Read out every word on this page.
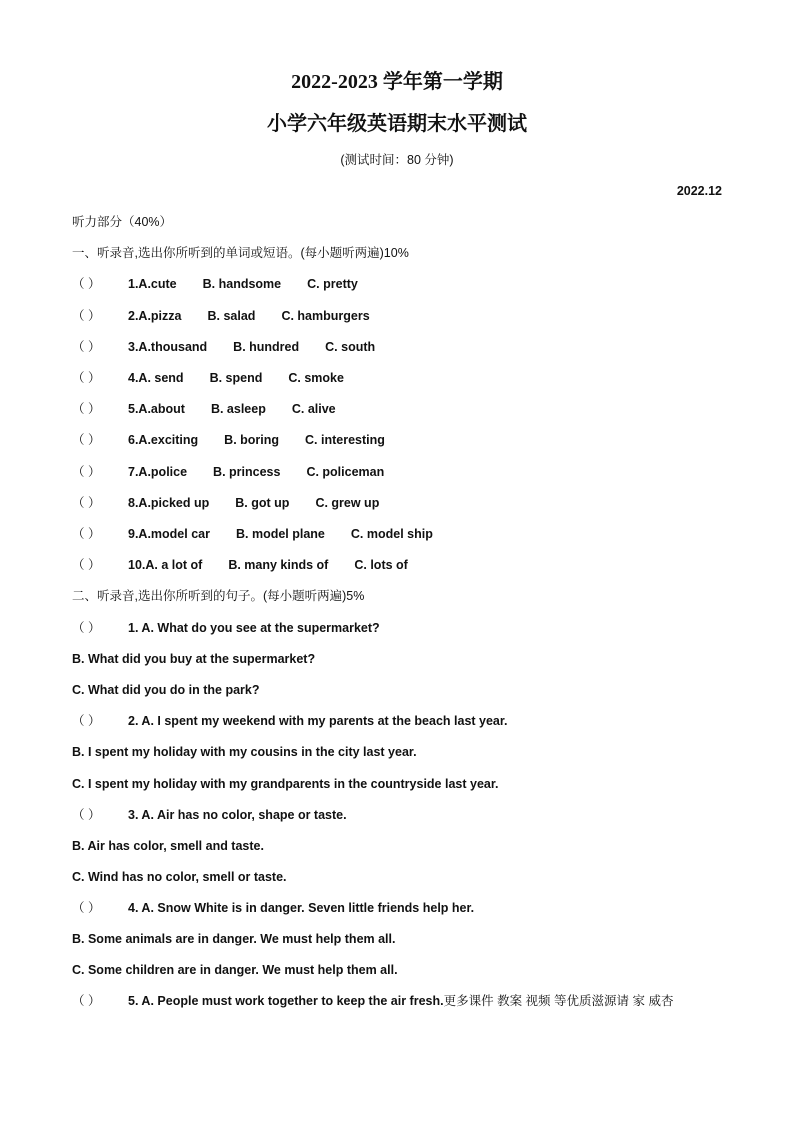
2022-2023 学年第一学期
小学六年级英语期末水平测试
(测试时间：80 分钟)
2022.12
听力部分（40%）
一、听录音,选出你所听到的单词或短语。(每小题听两遍)10%
（ ） 1.A.cute B. handsome C. pretty
（ ） 2.A.pizza B. salad C. hamburgers
（ ） 3.A.thousand B. hundred C. south
（ ） 4.A. send B. spend C. smoke
（ ） 5.A.about B. asleep C. alive
（ ） 6.A.exciting B. boring C. interesting
（ ） 7.A.police B. princess C. policeman
（ ） 8.A.picked up B. got up C. grew up
（ ） 9.A.model car B. model plane C. model ship
（ ） 10.A. a lot of B. many kinds of C. lots of
二、听录音,选出你所听到的句子。(每小题听两遍)5%
（ ） 1. A. What do you see at the supermarket?
B. What did you buy at the supermarket?
C. What did you do in the park?
（ ） 2. A. I spent my weekend with my parents at the beach last year.
B. I spent my holiday with my cousins in the city last year.
C. I spent my holiday with my grandparents in the countryside last year.
（ ） 3. A. Air has no color, shape or taste.
B. Air has color, smell and taste.
C. Wind has no color, smell or taste.
（ ） 4. A. Snow White is in danger. Seven little friends help her.
C. Some children are in danger. We must help them all.
B. Some animals are in danger. We must help them all.
（ ） 5. A. People must work together to keep the air fresh.更多课件 教案 视频 等优质滋源请 家 威杏
